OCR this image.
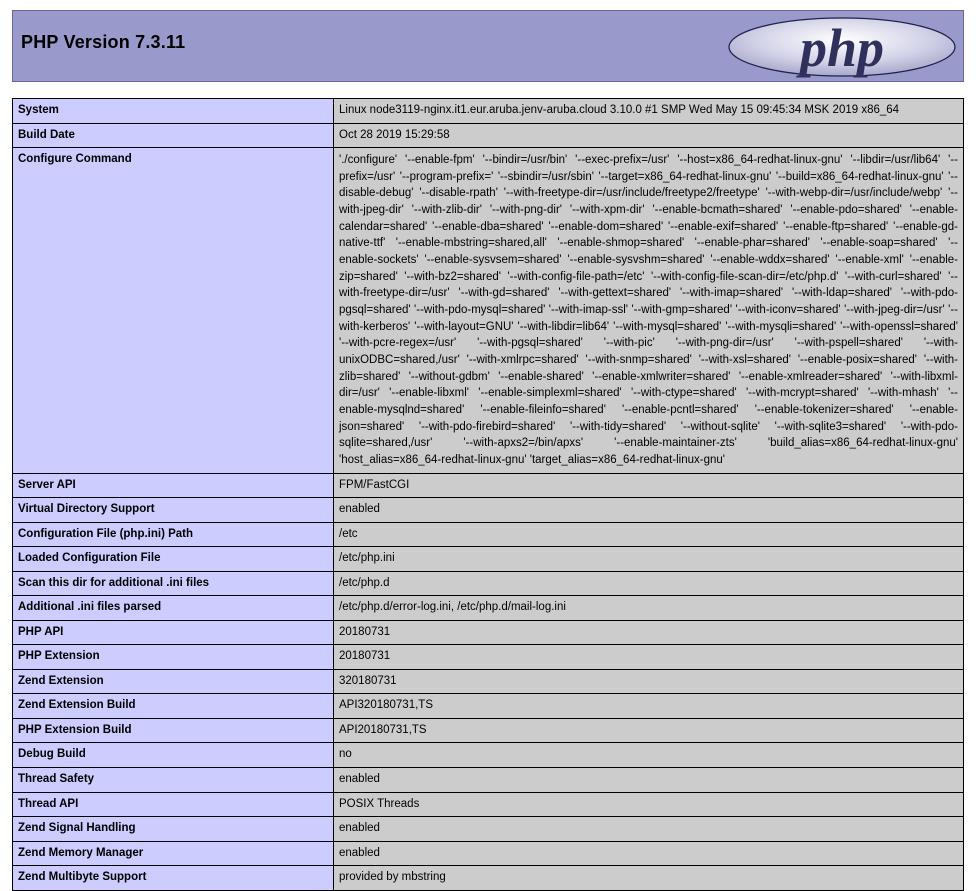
PHP Version 7.3.11	php
System	Linux node3119-nginx.it1.eur.aruba.jenv-aruba.cloud 3.10.0 #1 SMP Wed May 15 09:45:34 MSK 2019 x86_64
Build Date	Oct 28 2019 15:29:58
Configure Command	'./configure' '--enable-fpm' '--bindir=/usr/bin' '--exec-prefix=/usr' '--host=x86_64-redhat-linux-gnu' '--libdir=/usr/lib64' '--prefix=/usr' '--program-prefix=' '--sbindir=/usr/sbin' '--target=x86_64-redhat-linux-gnu' '--build=x86_64-redhat-linux-gnu' '--disable-debug' '--disable-rpath' '--with-freetype-dir=/usr/include/freetype2/freetype' '--with-webp-dir=/usr/include/webp' '--with-jpeg-dir' '--with-zlib-dir' '--with-png-dir' '--with-xpm-dir' '--enable-bcmath=shared' '--enable-pdo=shared' '--enable-calendar=shared' '--enable-dba=shared' '--enable-dom=shared' '--enable-exif=shared' '--enable-ftp=shared' '--enable-gd-native-ttf' '--enable-mbstring=shared,all' '--enable-shmop=shared' '--enable-phar=shared' '--enable-soap=shared' '--enable-sockets' '--enable-sysvsem=shared' '--enable-sysvshm=shared' '--enable-wddx=shared' '--enable-xml' '--enable-zip=shared' '--with-bz2=shared' '--with-config-file-path=/etc' '--with-config-file-scan-dir=/etc/php.d' '--with-curl=shared' '--with-freetype-dir=/usr' '--with-gd=shared' '--with-gettext=shared' '--with-imap=shared' '--with-ldap=shared' '--with-pdo-pgsql=shared' '--with-pdo-mysql=shared' '--with-imap-ssl' '--with-gmp=shared' '--with-iconv=shared' '--with-jpeg-dir=/usr' '--with-kerberos' '--with-layout=GNU' '--with-libdir=lib64' '--with-mysql=shared' '--with-mysqli=shared' '--with-openssl=shared' '--with-pcre-regex=/usr' '--with-pgsql=shared' '--with-pic' '--with-png-dir=/usr' '--with-pspell=shared' '--with-unixODBC=shared,/usr' '--with-xmlrpc=shared' '--with-snmp=shared' '--with-xsl=shared' '--enable-posix=shared' '--with-zlib=shared' '--without-gdbm' '--enable-shared' '--enable-xmlwriter=shared' '--enable-xmlreader=shared' '--with-libxml-dir=/usr' '--enable-libxml' '--enable-simplexml=shared' '--with-ctype=shared' '--with-mcrypt=shared' '--with-mhash' '--enable-mysqlnd=shared' '--enable-fileinfo=shared' '--enable-pcntl=shared' '--enable-tokenizer=shared' '--enable-json=shared' '--with-pdo-firebird=shared' '--with-tidy=shared' '--without-sqlite' '--with-sqlite3=shared' '--with-pdo-sqlite=shared,/usr' '--with-apxs2=/bin/apxs' '--enable-maintainer-zts' 'build_alias=x86_64-redhat-linux-gnu' 'host_alias=x86_64-redhat-linux-gnu' 'target_alias=x86_64-redhat-linux-gnu'
Server API	FPM/FastCGI
Virtual Directory Support	enabled
Configuration File (php.ini) Path	/etc
Loaded Configuration File	/etc/php.ini
Scan this dir for additional .ini files	/etc/php.d
Additional .ini files parsed	/etc/php.d/error-log.ini, /etc/php.d/mail-log.ini
PHP API	20180731
PHP Extension	20180731
Zend Extension	320180731
Zend Extension Build	API320180731,TS
PHP Extension Build	API20180731,TS
Debug Build	no
Thread Safety	enabled
Thread API	POSIX Threads
Zend Signal Handling	enabled
Zend Memory Manager	enabled
Zend Multibyte Support	provided by mbstring
